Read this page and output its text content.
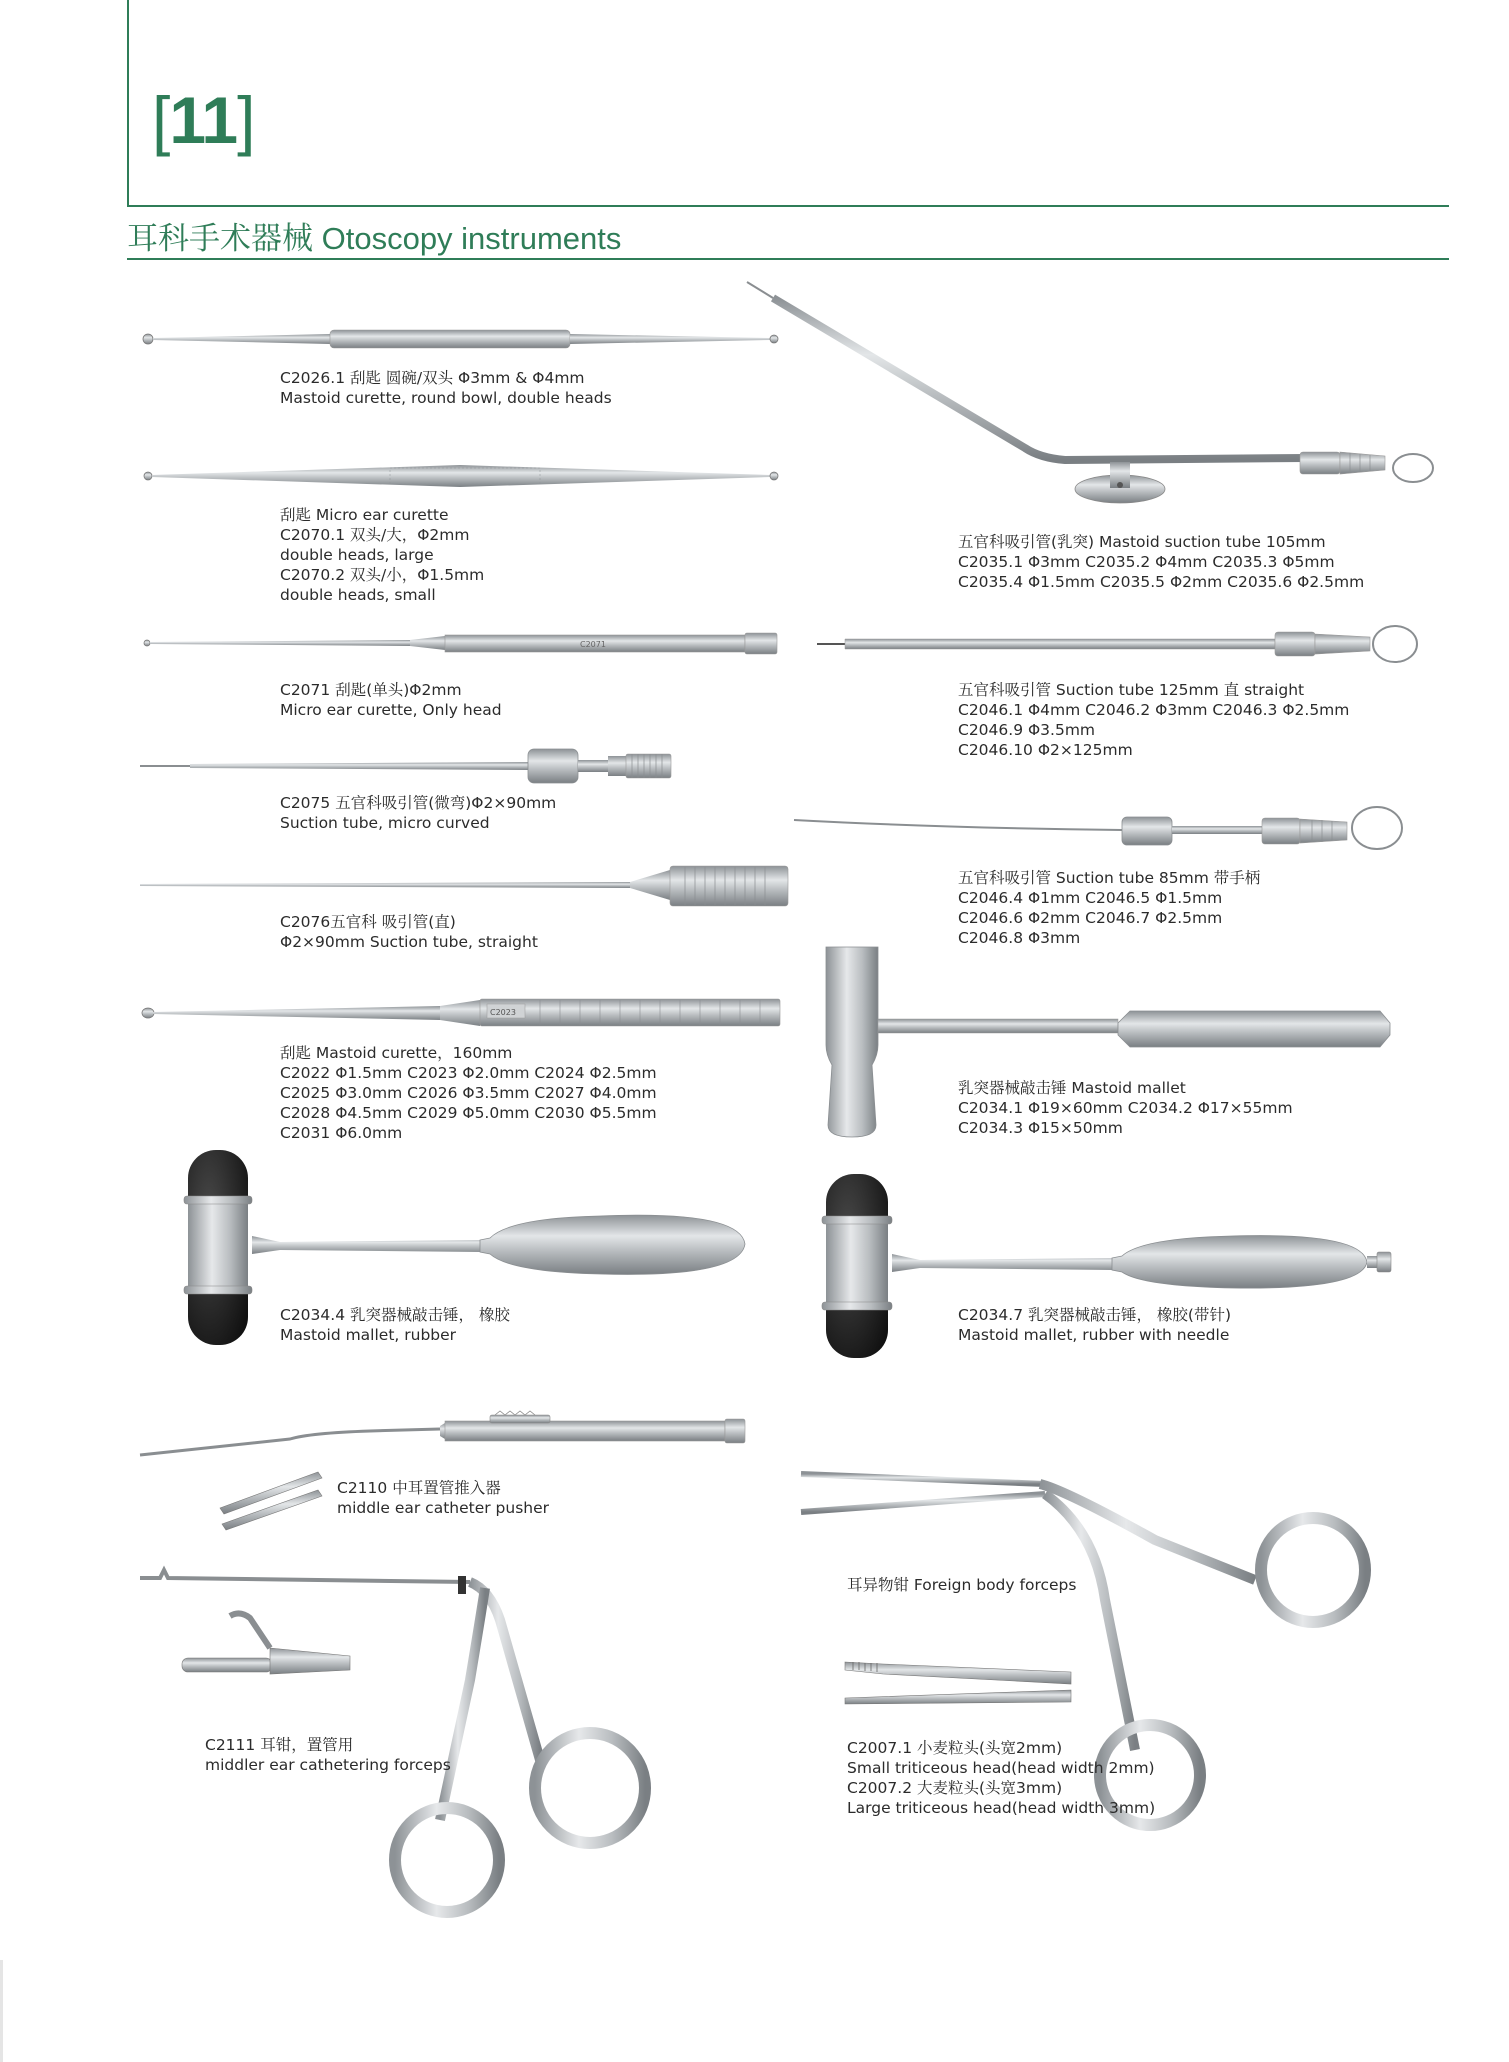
[11]
耳科手术器械 Otoscopy instruments
C2026.1 刮匙 圆碗/双头 Φ3mm & Φ4mm
Mastoid curette, round bowl, double heads
刮匙 Micro ear curette
C2070.1 双头/大，Φ2mm
double heads, large
C2070.2 双头/小，Φ1.5mm
double heads, small
C2071
C2071 刮匙(单头)Φ2mm
Micro ear curette, Only head
C2075 五官科吸引管(微弯)Φ2×90mm
Suction tube, micro curved
C2076五官科 吸引管(直)
Φ2×90mm Suction tube, straight
C2023
刮匙 Mastoid curette，160mm
C2022 Φ1.5mm C2023 Φ2.0mm C2024 Φ2.5mm
C2025 Φ3.0mm C2026 Φ3.5mm C2027 Φ4.0mm
C2028 Φ4.5mm C2029 Φ5.0mm C2030 Φ5.5mm
C2031 Φ6.0mm
C2034.4 乳突器械敲击锤， 橡胶
Mastoid mallet, rubber
C2110 中耳置管推入器
middle ear catheter pusher
C2111 耳钳，置管用
middler ear cathetering forceps
五官科吸引管(乳突) Mastoid suction tube 105mm
C2035.1 Φ3mm C2035.2 Φ4mm C2035.3 Φ5mm
C2035.4 Φ1.5mm C2035.5 Φ2mm C2035.6 Φ2.5mm
五官科吸引管 Suction tube 125mm 直 straight
C2046.1 Φ4mm C2046.2 Φ3mm C2046.3 Φ2.5mm
C2046.9 Φ3.5mm
C2046.10 Φ2×125mm
五官科吸引管 Suction tube 85mm 带手柄
C2046.4 Φ1mm C2046.5 Φ1.5mm
C2046.6 Φ2mm C2046.7 Φ2.5mm
C2046.8 Φ3mm
乳突器械敲击锤 Mastoid mallet
C2034.1 Φ19×60mm C2034.2 Φ17×55mm
C2034.3 Φ15×50mm
C2034.7 乳突器械敲击锤， 橡胶(带针)
Mastoid mallet, rubber with needle
耳异物钳 Foreign body forceps
C2007.1 小麦粒头(头宽2mm)
Small triticeous head(head width 2mm)
C2007.2 大麦粒头(头宽3mm)
Large triticeous head(head width 3mm)
